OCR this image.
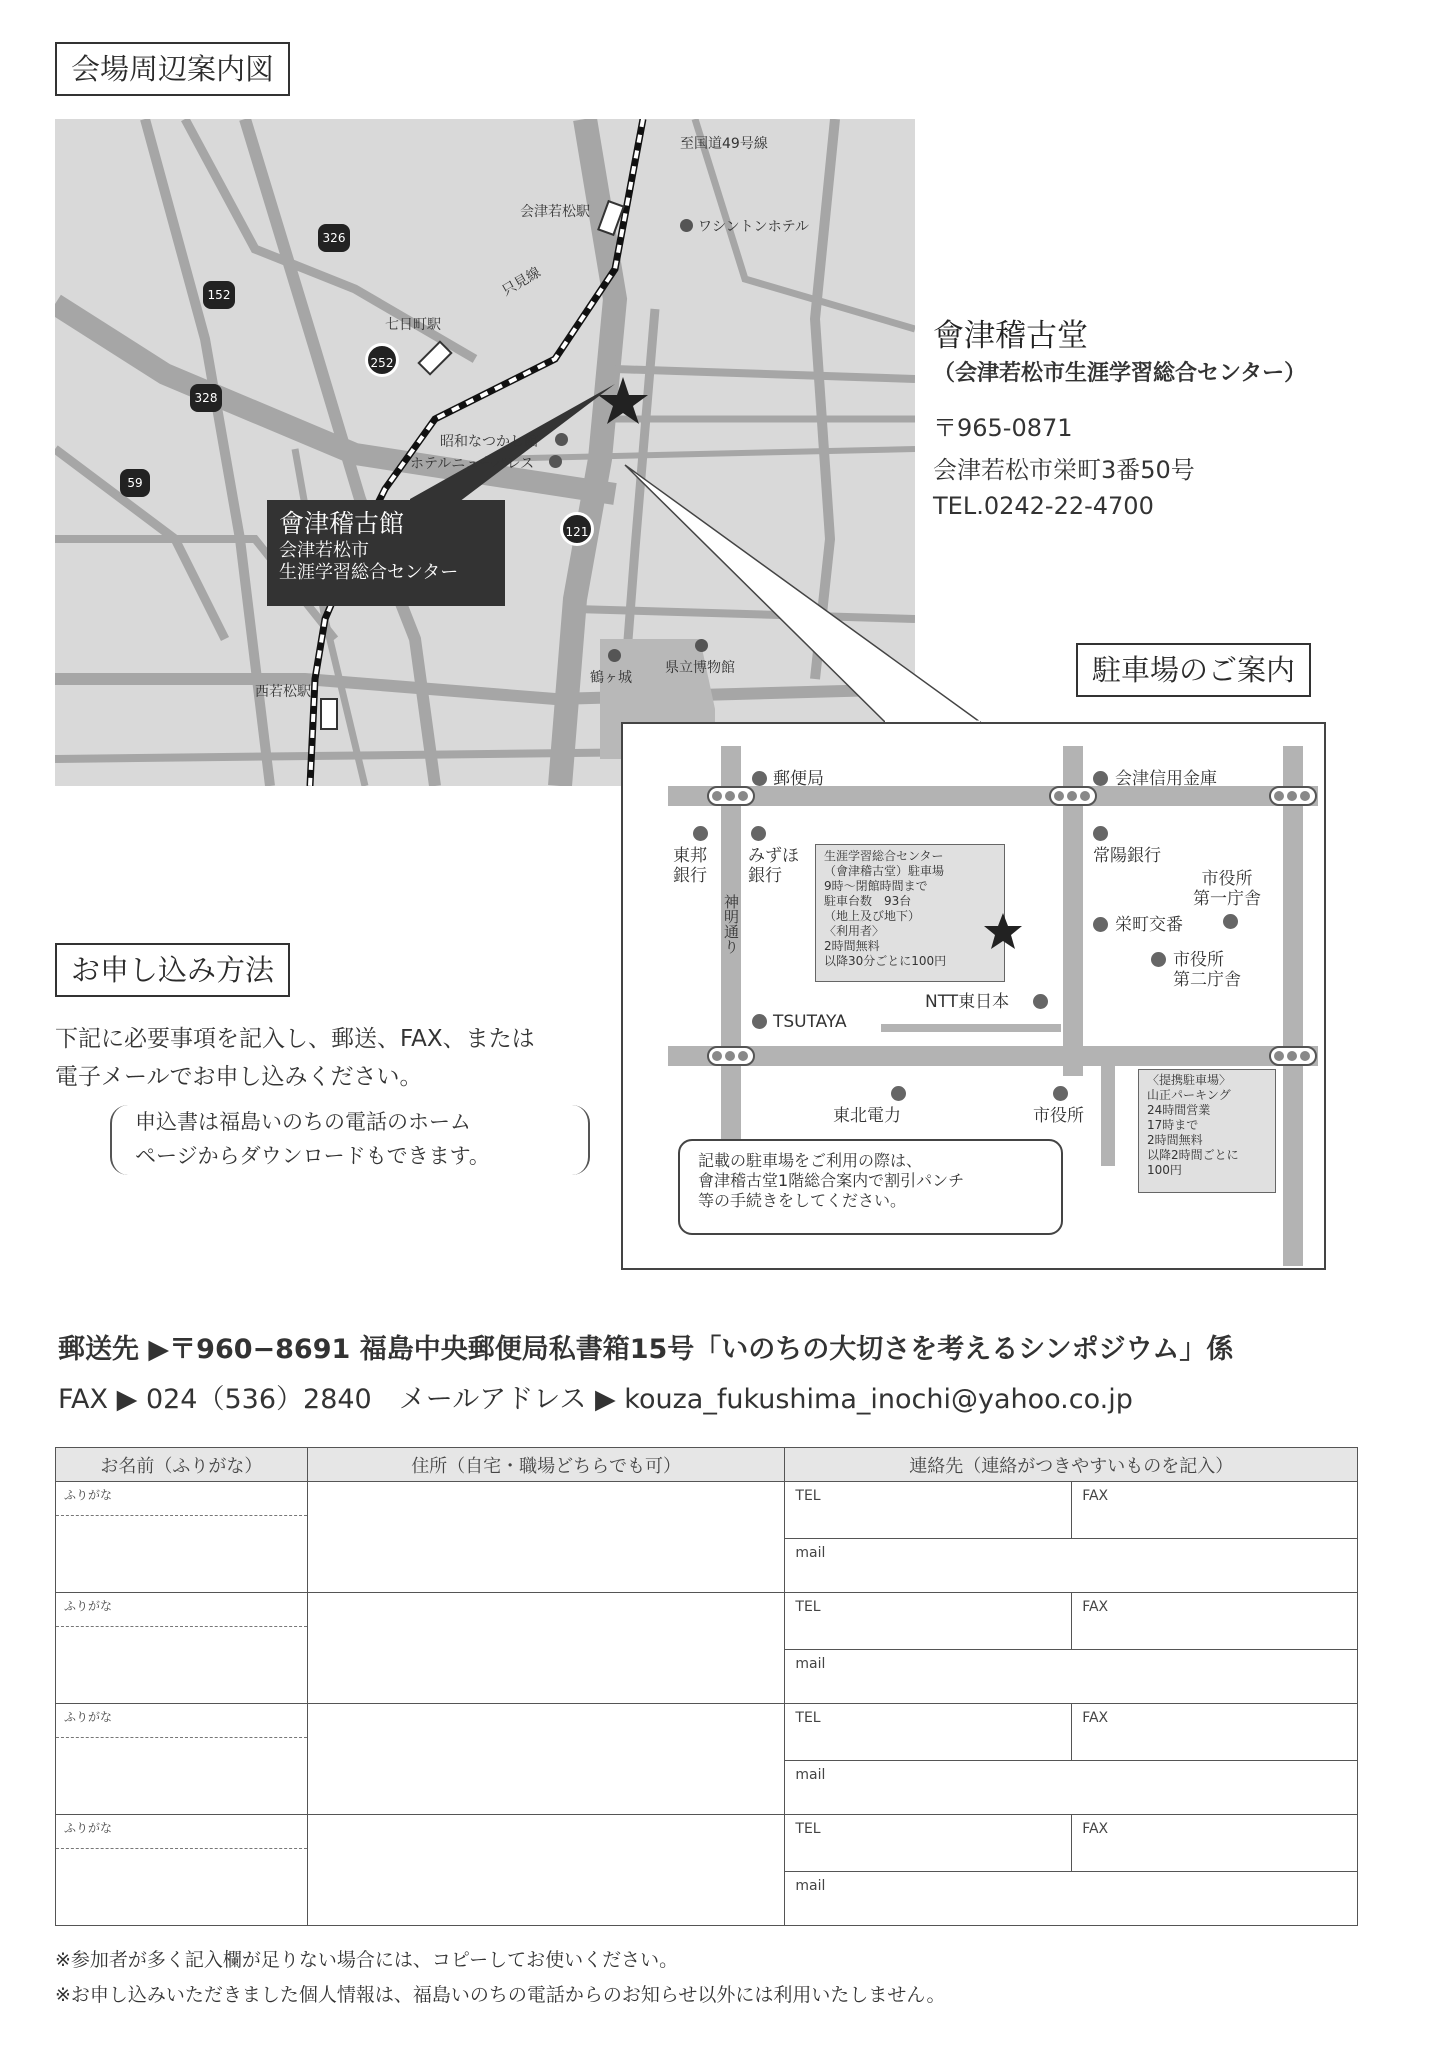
会場周辺案内図
至国道49号線
会津若松駅
ワシントンホテル
只見線
七日町駅
昭和なつかし館
ホテルニューパレス
鶴ヶ城
県立博物館
西若松駅
326
152
252
328
59
121
會津稽古館
会津若松市
生涯学習総合センター
會津稽古堂
（会津若松市生涯学習総合センター）
〒965-0871
会津若松市栄町3番50号
TEL.0242-22-4700
郵便局	会津信用金庫
東邦
銀行
みずほ
銀行
常陽銀行
市役所
第一庁舎
神明通り
生涯学習総合センター
（會津稽古堂）駐車場
9時〜閉館時間まで
駐車台数　93台
（地上及び地下）
〈利用者〉
2時間無料
以降30分ごとに100円
栄町交番
市役所
第二庁舎
NTT東日本
TSUTAYA
東北電力	市役所
〈提携駐車場〉
山正パーキング
24時間営業
17時まで
2時間無料
以降2時間ごとに
100円
記載の駐車場をご利用の際は、
會津稽古堂1階総合案内で割引パンチ
等の手続きをしてください。
駐車場のご案内
お申し込み方法
下記に必要事項を記入し、郵送、FAX、または
電子メールでお申し込みください。
申込書は福島いのちの電話のホーム
ページからダウンロードもできます。
郵送先 ▶〒960−8691 福島中央郵便局私書箱15号「いのちの大切さを考えるシンポジウム」係
FAX ▶ 024（536）2840　メールアドレス ▶ kouza_fukushima_inochi@yahoo.co.jp
お名前（ふりがな）	住所（自宅・職場どちらでも可）	連絡先（連絡がつきやすいものを記入）	

ふりがな		TEL	FAX
		mail	

ふりがな		TEL	FAX
		mail	

ふりがな		TEL	FAX
		mail	

ふりがな		TEL	FAX
		mail	
※参加者が多く記入欄が足りない場合には、コピーしてお使いください。
※お申し込みいただきました個人情報は、福島いのちの電話からのお知らせ以外には利用いたしません。
